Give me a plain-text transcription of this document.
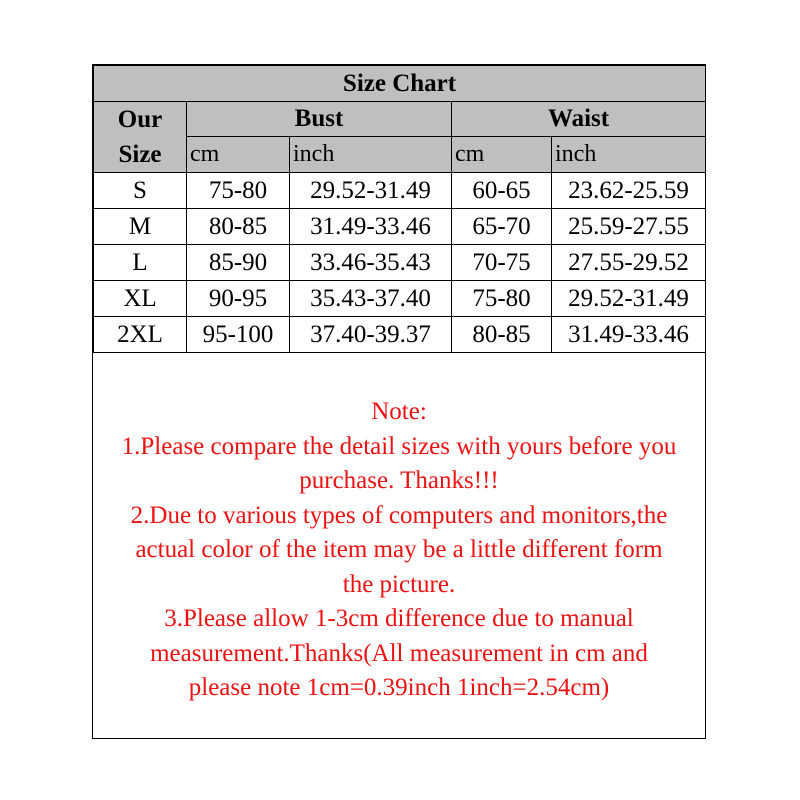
Size Chart				

Our
Size	Bust		Waist	
	cm	inch	cm	inch
S	75-80	29.52-31.49	60-65	23.62-25.59
M	80-85	31.49-33.46	65-70	25.59-27.55
L	85-90	33.46-35.43	70-75	27.55-29.52
XL	90-95	35.43-37.40	75-80	29.52-31.49
2XL	95-100	37.40-39.37	80-85	31.49-33.46
Note:
1.Please compare the detail sizes with yours before you
purchase. Thanks!!!
2.Due to various types of computers and monitors,the
actual color of the item may be a little different form
the picture.
3.Please allow 1-3cm difference due to manual
measurement.Thanks(All measurement in cm and
please note 1cm=0.39inch 1inch=2.54cm)
